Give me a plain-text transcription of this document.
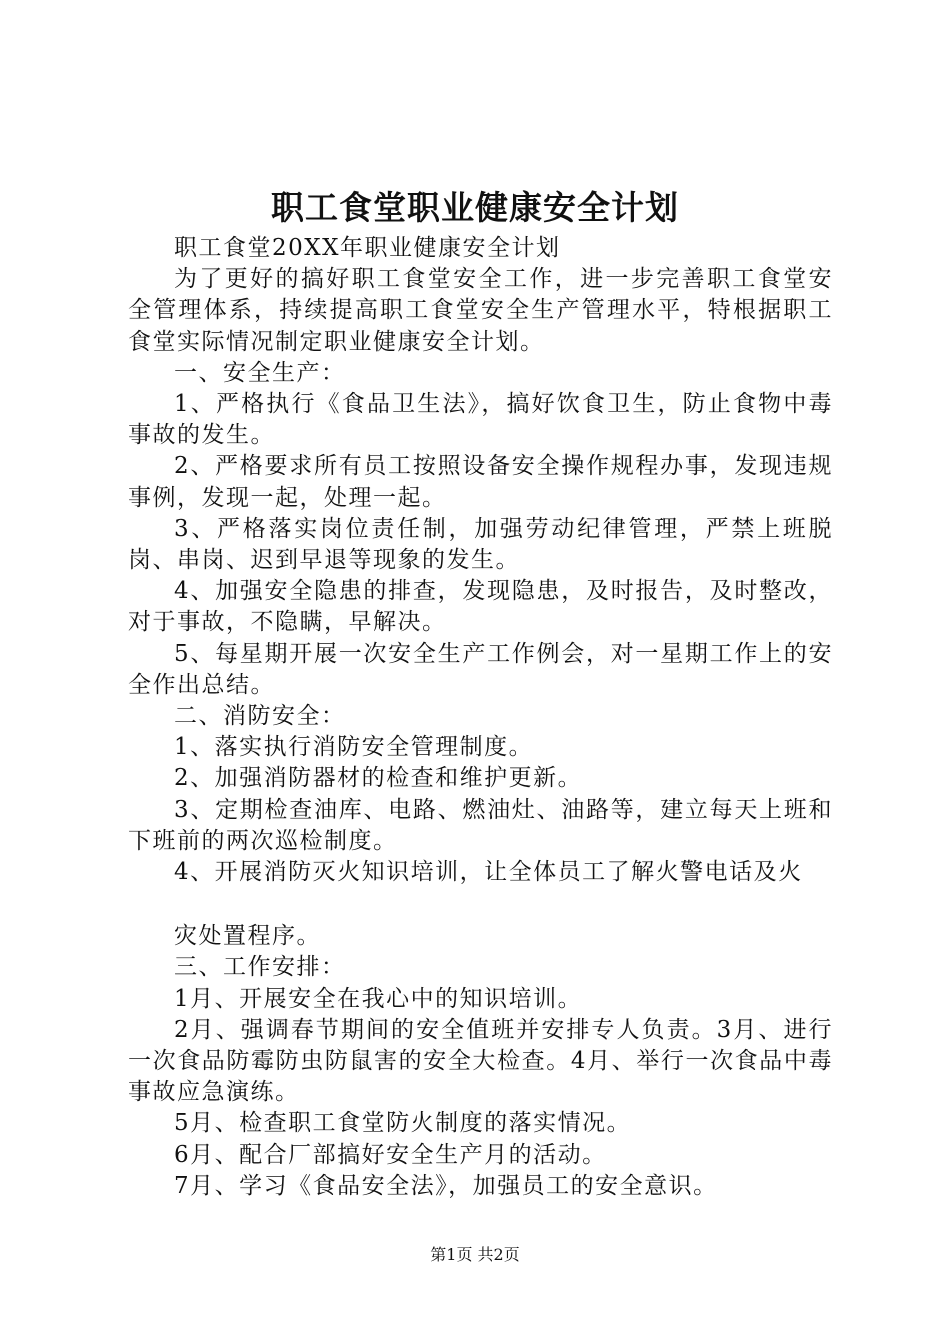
职工食堂职业健康安全计划

职工食堂20XX年职业健康安全计划

为了更好的搞好职工食堂安全工作，进一步完善职工食堂安全管理体系，持续提高职工食堂安全生产管理水平，特根据职工食堂实际情况制定职业健康安全计划。

一、安全生产：

1、严格执行《食品卫生法》，搞好饮食卫生，防止食物中毒事故的发生。

2、严格要求所有员工按照设备安全操作规程办事，发现违规事例，发现一起，处理一起。

3、严格落实岗位责任制，加强劳动纪律管理，严禁上班脱岗、串岗、迟到早退等现象的发生。

4、加强安全隐患的排查，发现隐患，及时报告，及时整改，对于事故，不隐瞒，早解决。

5、每星期开展一次安全生产工作例会，对一星期工作上的安全作出总结。

二、消防安全：

1、落实执行消防安全管理制度。

2、加强消防器材的检查和维护更新。

3、定期检查油库、电路、燃油灶、油路等，建立每天上班和下班前的两次巡检制度。

4、开展消防灭火知识培训，让全体员工了解火警电话及火

灾处置程序。

三、工作安排：

1月、开展安全在我心中的知识培训。

2月、强调春节期间的安全值班并安排专人负责。3月、进行一次食品防霉防虫防鼠害的安全大检查。4月、举行一次食品中毒事故应急演练。

5月、检查职工食堂防火制度的落实情况。

6月、配合厂部搞好安全生产月的活动。

7月、学习《食品安全法》，加强员工的安全意识。

第1页 共2页
